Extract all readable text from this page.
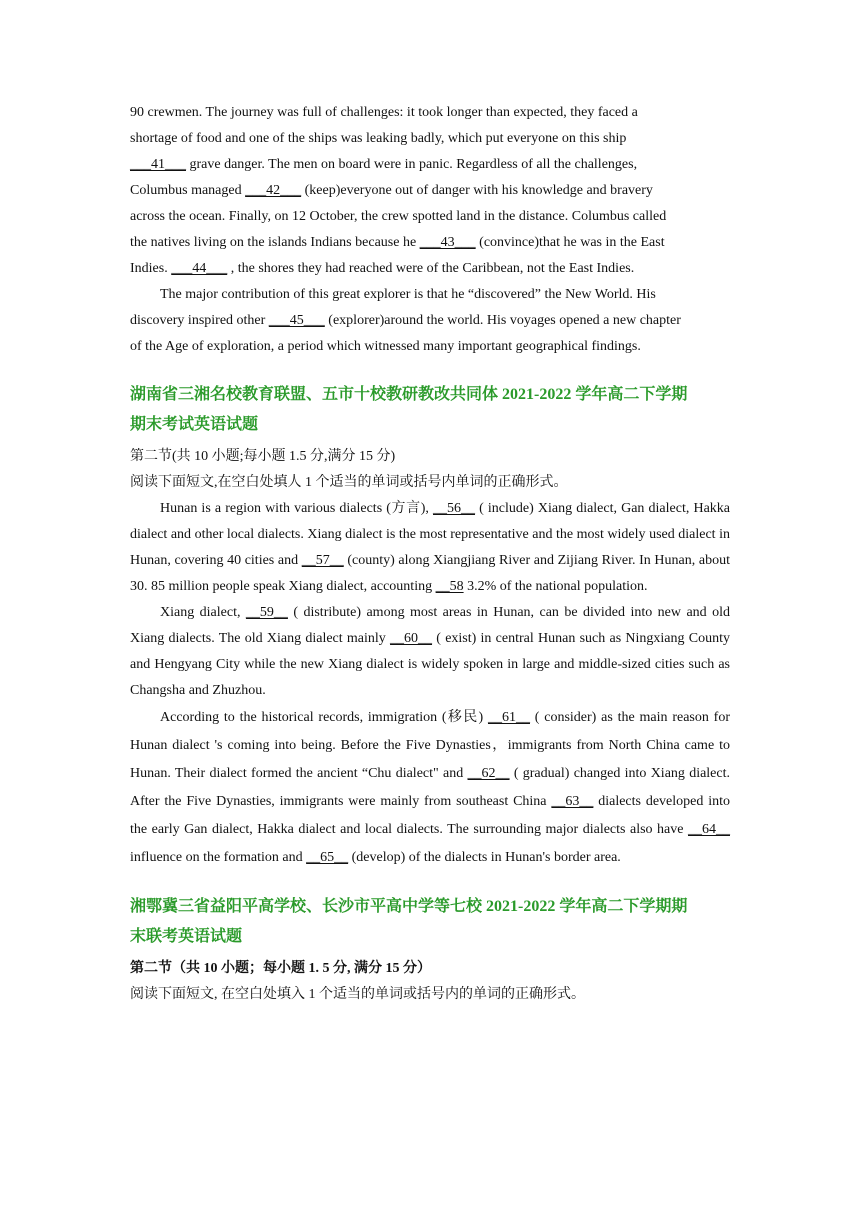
90 crewmen. The journey was full of challenges: it took longer than expected, they faced a
shortage of food and one of the ships was leaking badly, which put everyone on this ship
___41___ grave danger. The men on board were in panic. Regardless of all the challenges,
Columbus managed ___42___ (keep)everyone out of danger with his knowledge and bravery
across the ocean. Finally, on 12 October, the crew spotted land in the distance. Columbus called
the natives living on the islands Indians because he ___43___ (convince)that he was in the East
Indies. ___44___ , the shores they had reached were of the Caribbean, not the East Indies.

The major contribution of this great explorer is that he “discovered” the New World. His
discovery inspired other ___45___ (explorer)around the world. His voyages opened a new chapter
of the Age of exploration, a period which witnessed many important geographical findings.

湖南省三湘名校教育联盟、五市十校教研教改共同体 2021-2022 学年高二下学期
期末考试英语试题

第二节(共 10 小题;每小题 1.5 分,满分 15 分)

阅读下面短文,在空白处填人 1 个适当的单词或括号内单词的正确形式。

Hunan is a region with various dialects (方言), __56__ ( include) Xiang dialect, Gan dialect, Hakka dialect and other local dialects. Xiang dialect is the most representative and the most widely used dialect in Hunan, covering 40 cities and __57__ (county) along Xiangjiang River and Zijiang River. In Hunan, about 30. 85 million people speak Xiang dialect, accounting __58 3.2% of the national population.

Xiang dialect, __59__ ( distribute) among most areas in Hunan, can be divided into new and old Xiang dialects. The old Xiang dialect mainly __60__ ( exist) in central Hunan such as Ningxiang County and Hengyang City while the new Xiang dialect is widely spoken in large and middle-sized cities such as Changsha and Zhuzhou.

According to the historical records, immigration (移民) __61__ ( consider) as the main reason for Hunan dialect 's coming into being. Before the Five Dynasties，immigrants from North China came to Hunan. Their dialect formed the ancient “Chu dialect" and __62__ ( gradual) changed into Xiang dialect. After the Five Dynasties, immigrants were mainly from southeast China __63__ dialects developed into the early Gan dialect, Hakka dialect and local dialects. The surrounding major dialects also have __64__ influence on the formation and __65__ (develop) of the dialects in Hunan's border area.

湘鄂冀三省益阳平高学校、长沙市平高中学等七校 2021-2022 学年高二下学期期
末联考英语试题

第二节（共 10 小题；每小题 1. 5 分, 满分 15 分）

阅读下面短文, 在空白处填入 1 个适当的单词或括号内的单词的正确形式。
